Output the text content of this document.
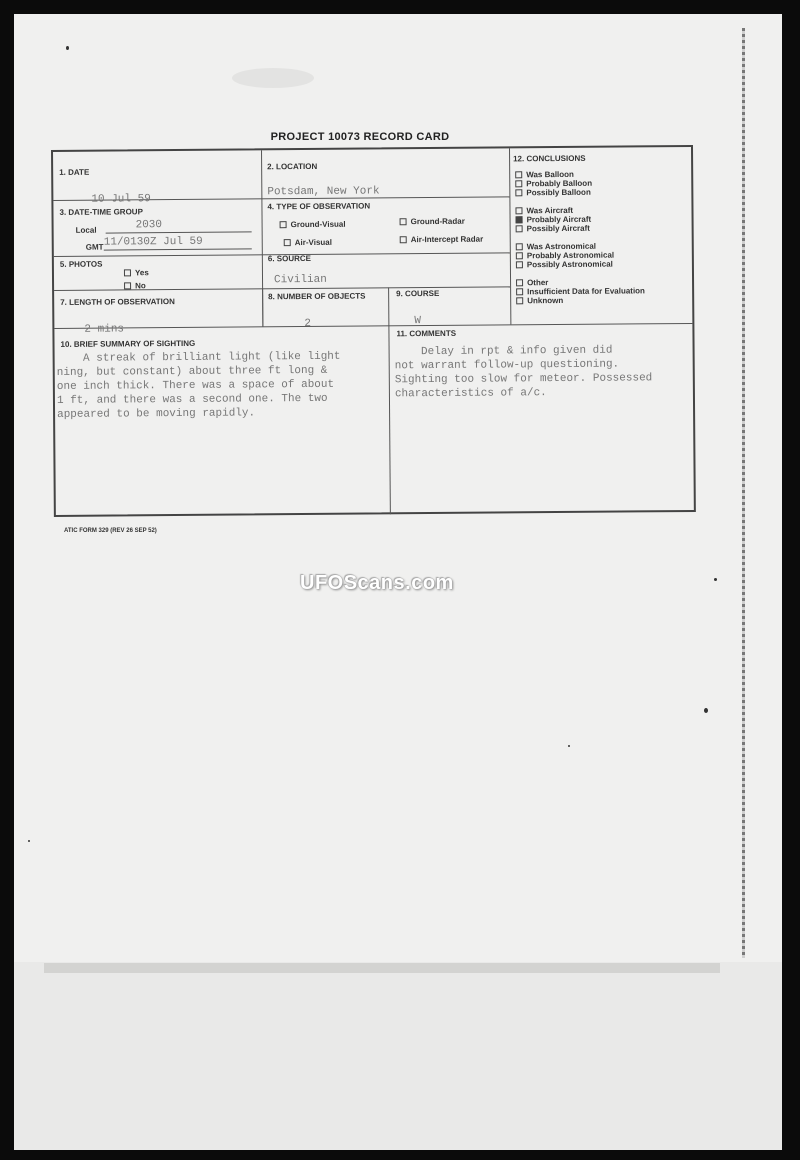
PROJECT 10073 RECORD CARD
1. DATE
10 Jul 59
2. LOCATION
Potsdam, New York
3. DATE-TIME GROUP
Local	2030
GMT 11/0130Z Jul 59
4. TYPE OF OBSERVATION
Ground-Visual	Ground-Radar
Air-Visual	Air-Intercept Radar
5. PHOTOS
Yes
No
6. SOURCE
Civilian
7. LENGTH OF OBSERVATION
2 mins
8. NUMBER OF OBJECTS
2
9. COURSE
W
10. BRIEF SUMMARY OF SIGHTING
A streak of brilliant light (like light
ning, but constant) about three ft long &
one inch thick. There was a space of about
1 ft, and there was a second one. The two
appeared to be moving rapidly.
11. COMMENTS
Delay in rpt & info given did
not warrant follow-up questioning.
Sighting too slow for meteor. Possessed
characteristics of a/c.
12. CONCLUSIONS
Was Balloon
Probably Balloon
Possibly Balloon
Was Aircraft
Probably Aircraft
Possibly Aircraft
Was Astronomical
Probably Astronomical
Possibly Astronomical
Other
Insufficient Data for Evaluation
Unknown
ATIC FORM 329 (REV 26 SEP 52)
UFOScans.com
